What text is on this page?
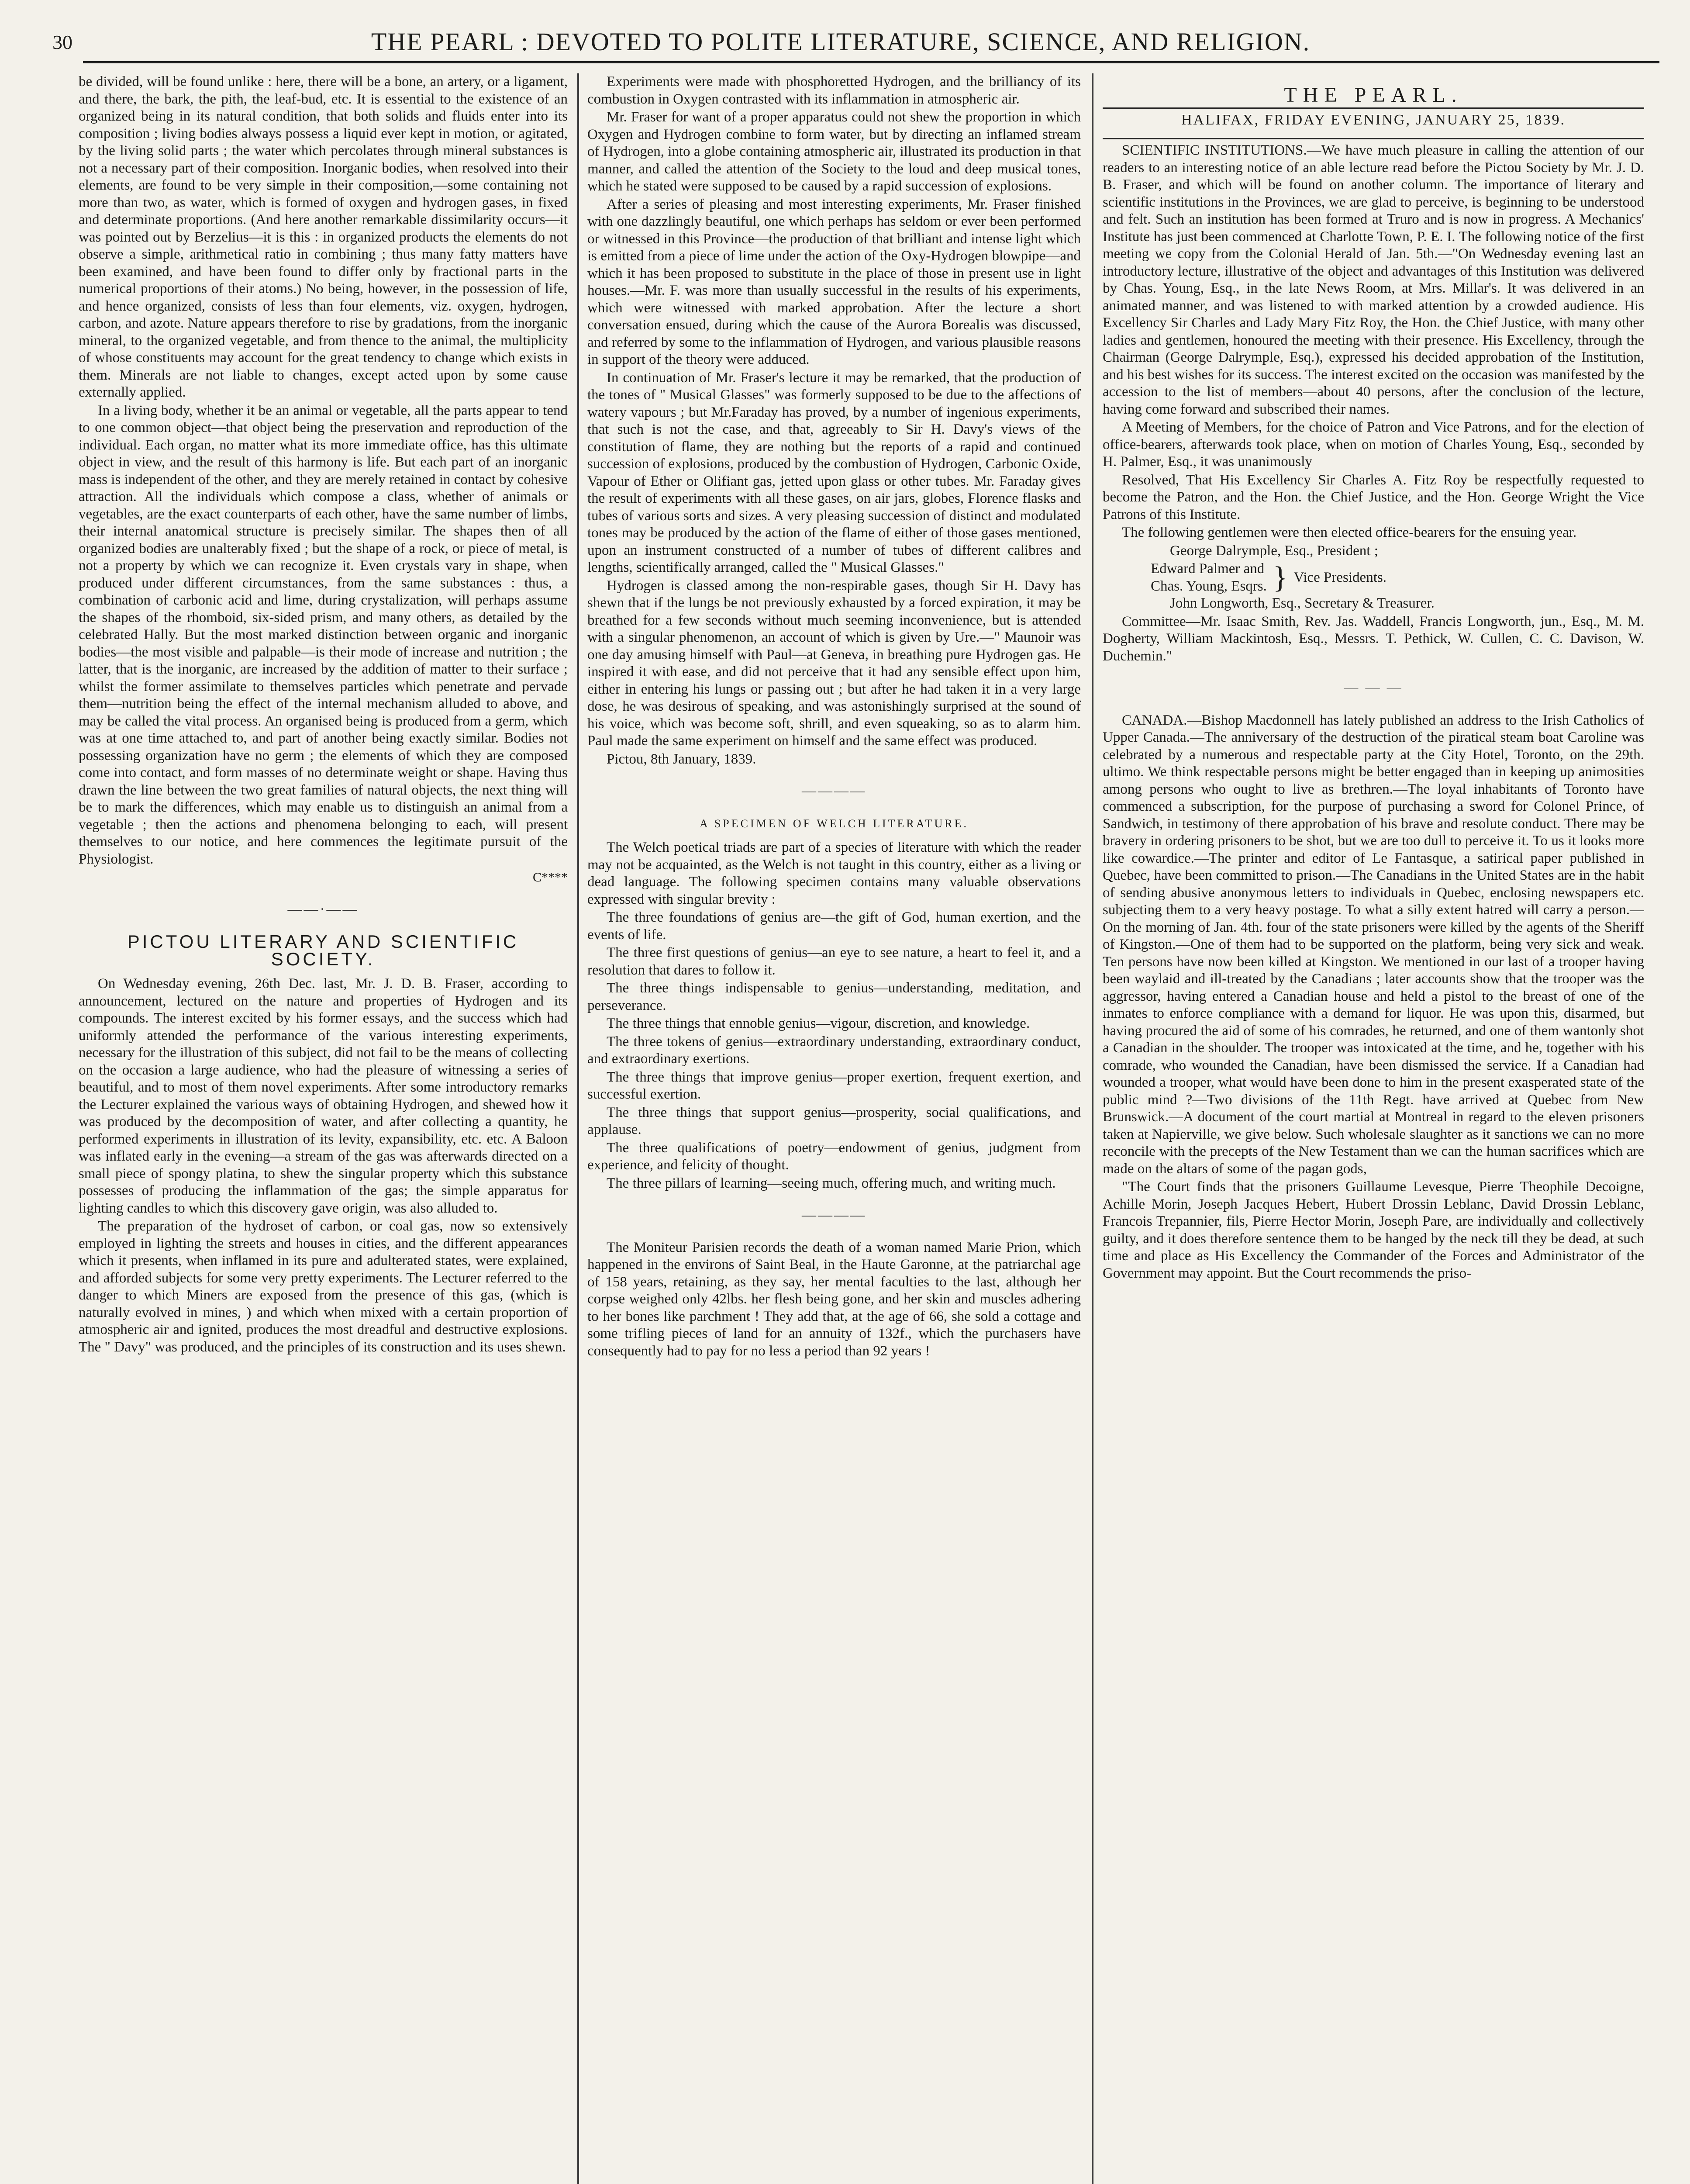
30	THE PEARL : DEVOTED TO POLITE LITERATURE, SCIENCE, AND RELIGION.

be divided, will be found unlike : here, there will be a bone, an artery, or a ligament, and there, the bark, the pith, the leaf-bud, etc. It is essential to the existence of an organized being in its natural condition, that both solids and fluids enter into its composition ; living bodies always possess a liquid ever kept in motion, or agitated, by the living solid parts ; the water which percolates through mineral substances is not a necessary part of their composition. Inorganic bodies, when resolved into their elements, are found to be very simple in their composition,—some containing not more than two, as water, which is formed of oxygen and hydrogen gases, in fixed and determinate proportions. (And here another remarkable dissimilarity occurs—it was pointed out by Berzelius—it is this : in organized products the elements do not observe a simple, arithmetical ratio in combining ; thus many fatty matters have been examined, and have been found to differ only by fractional parts in the numerical proportions of their atoms.) No being, however, in the possession of life, and hence organized, consists of less than four elements, viz. oxygen, hydrogen, carbon, and azote. Nature appears therefore to rise by gradations, from the inorganic mineral, to the organized vegetable, and from thence to the animal, the multiplicity of whose constituents may account for the great tendency to change which exists in them. Minerals are not liable to changes, except acted upon by some cause externally applied.

In a living body, whether it be an animal or vegetable, all the parts appear to tend to one common object—that object being the preservation and reproduction of the individual. Each organ, no matter what its more immediate office, has this ultimate object in view, and the result of this harmony is life. But each part of an inorganic mass is independent of the other, and they are merely retained in contact by cohesive attraction. All the individuals which compose a class, whether of animals or vegetables, are the exact counterparts of each other, have the same number of limbs, their internal anatomical structure is precisely similar. The shapes then of all organized bodies are unalterably fixed ; but the shape of a rock, or piece of metal, is not a property by which we can recognize it. Even crystals vary in shape, when produced under different circumstances, from the same substances : thus, a combination of carbonic acid and lime, during crystalization, will perhaps assume the shapes of the rhomboid, six-sided prism, and many others, as detailed by the celebrated Hally. But the most marked distinction between organic and inorganic bodies—the most visible and palpable—is their mode of increase and nutrition ; the latter, that is the inorganic, are increased by the addition of matter to their surface ; whilst the former assimilate to themselves particles which penetrate and pervade them—nutrition being the effect of the internal mechanism alluded to above, and may be called the vital process. An organised being is produced from a germ, which was at one time attached to, and part of another being exactly similar. Bodies not possessing organization have no germ ; the elements of which they are composed come into contact, and form masses of no determinate weight or shape. Having thus drawn the line between the two great families of natural objects, the next thing will be to mark the differences, which may enable us to distinguish an animal from a vegetable ; then the actions and phenomena belonging to each, will present themselves to our notice, and here commences the legitimate pursuit of the Physiologist.

C****
——·——
PICTOU LITERARY AND SCIENTIFIC SOCIETY.

On Wednesday evening, 26th Dec. last, Mr. J. D. B. Fraser, according to announcement, lectured on the nature and properties of Hydrogen and its compounds. The interest excited by his former essays, and the success which had uniformly attended the performance of the various interesting experiments, necessary for the illustration of this subject, did not fail to be the means of collecting on the occasion a large audience, who had the pleasure of witnessing a series of beautiful, and to most of them novel experiments. After some introductory remarks the Lecturer explained the various ways of obtaining Hydrogen, and shewed how it was produced by the decomposition of water, and after collecting a quantity, he performed experiments in illustration of its levity, expansibility, etc. etc. A Baloon was inflated early in the evening—a stream of the gas was afterwards directed on a small piece of spongy platina, to shew the singular property which this substance possesses of producing the inflammation of the gas; the simple apparatus for lighting candles to which this discovery gave origin, was also alluded to.

The preparation of the hydroset of carbon, or coal gas, now so extensively employed in lighting the streets and houses in cities, and the different appearances which it presents, when inflamed in its pure and adulterated states, were explained, and afforded subjects for some very pretty experiments. The Lecturer referred to the danger to which Miners are exposed from the presence of this gas, (which is naturally evolved in mines, ) and which when mixed with a certain proportion of atmospheric air and ignited, produces the most dreadful and destructive explosions. The " Davy" was produced, and the principles of its construction and its uses shewn.

Experiments were made with phosphoretted Hydrogen, and the brilliancy of its combustion in Oxygen contrasted with its inflammation in atmospheric air.

Mr. Fraser for want of a proper apparatus could not shew the proportion in which Oxygen and Hydrogen combine to form water, but by directing an inflamed stream of Hydrogen, into a globe containing atmospheric air, illustrated its production in that manner, and called the attention of the Society to the loud and deep musical tones, which he stated were supposed to be caused by a rapid succession of explosions.

After a series of pleasing and most interesting experiments, Mr. Fraser finished with one dazzlingly beautiful, one which perhaps has seldom or ever been performed or witnessed in this Province—the production of that brilliant and intense light which is emitted from a piece of lime under the action of the Oxy-Hydrogen blowpipe—and which it has been proposed to substitute in the place of those in present use in light houses.—Mr. F. was more than usually successful in the results of his experiments, which were witnessed with marked approbation. After the lecture a short conversation ensued, during which the cause of the Aurora Borealis was discussed, and referred by some to the inflammation of Hydrogen, and various plausible reasons in support of the theory were adduced.

In continuation of Mr. Fraser's lecture it may be remarked, that the production of the tones of " Musical Glasses" was formerly supposed to be due to the affections of watery vapours ; but Mr.Faraday has proved, by a number of ingenious experiments, that such is not the case, and that, agreeably to Sir H. Davy's views of the constitution of flame, they are nothing but the reports of a rapid and continued succession of explosions, produced by the combustion of Hydrogen, Carbonic Oxide, Vapour of Ether or Olifiant gas, jetted upon glass or other tubes. Mr. Faraday gives the result of experiments with all these gases, on air jars, globes, Florence flasks and tubes of various sorts and sizes. A very pleasing succession of distinct and modulated tones may be produced by the action of the flame of either of those gases mentioned, upon an instrument constructed of a number of tubes of different calibres and lengths, scientifically arranged, called the " Musical Glasses."

Hydrogen is classed among the non-respirable gases, though Sir H. Davy has shewn that if the lungs be not previously exhausted by a forced expiration, it may be breathed for a few seconds without much seeming inconvenience, but is attended with a singular phenomenon, an account of which is given by Ure.—" Maunoir was one day amusing himself with Paul—at Geneva, in breathing pure Hydrogen gas. He inspired it with ease, and did not perceive that it had any sensible effect upon him, either in entering his lungs or passing out ; but after he had taken it in a very large dose, he was desirous of speaking, and was astonishingly surprised at the sound of his voice, which was become soft, shrill, and even squeaking, so as to alarm him. Paul made the same experiment on himself and the same effect was produced.

Pictou, 8th January, 1839.

————
A SPECIMEN OF WELCH LITERATURE.

The Welch poetical triads are part of a species of literature with which the reader may not be acquainted, as the Welch is not taught in this country, either as a living or dead language. The following specimen contains many valuable observations expressed with singular brevity :

The three foundations of genius are—the gift of God, human exertion, and the events of life.

The three first questions of genius—an eye to see nature, a heart to feel it, and a resolution that dares to follow it.

The three things indispensable to genius—understanding, meditation, and perseverance.

The three things that ennoble genius—vigour, discretion, and knowledge.

The three tokens of genius—extraordinary understanding, extraordinary conduct, and extraordinary exertions.

The three things that improve genius—proper exertion, frequent exertion, and successful exertion.

The three things that support genius—prosperity, social qualifications, and applause.

The three qualifications of poetry—endowment of genius, judgment from experience, and felicity of thought.

The three pillars of learning—seeing much, offering much, and writing much.

————

The Moniteur Parisien records the death of a woman named Marie Prion, which happened in the environs of Saint Beal, in the Haute Garonne, at the patriarchal age of 158 years, retaining, as they say, her mental faculties to the last, although her corpse weighed only 42lbs. her flesh being gone, and her skin and muscles adhering to her bones like parchment ! They add that, at the age of 66, she sold a cottage and some trifling pieces of land for an annuity of 132f., which the purchasers have consequently had to pay for no less a period than 92 years !

THE PEARL.
HALIFAX, FRIDAY EVENING, JANUARY 25, 1839.

SCIENTIFIC INSTITUTIONS.—We have much pleasure in calling the attention of our readers to an interesting notice of an able lecture read before the Pictou Society by Mr. J. D. B. Fraser, and which will be found on another column. The importance of literary and scientific institutions in the Provinces, we are glad to perceive, is beginning to be understood and felt. Such an institution has been formed at Truro and is now in progress. A Mechanics' Institute has just been commenced at Charlotte Town, P. E. I. The following notice of the first meeting we copy from the Colonial Herald of Jan. 5th.—"On Wednesday evening last an introductory lecture, illustrative of the object and advantages of this Institution was delivered by Chas. Young, Esq., in the late News Room, at Mrs. Millar's. It was delivered in an animated manner, and was listened to with marked attention by a crowded audience. His Excellency Sir Charles and Lady Mary Fitz Roy, the Hon. the Chief Justice, with many other ladies and gentlemen, honoured the meeting with their presence. His Excellency, through the Chairman (George Dalrymple, Esq.), expressed his decided approbation of the Institution, and his best wishes for its success. The interest excited on the occasion was manifested by the accession to the list of members—about 40 persons, after the conclusion of the lecture, having come forward and subscribed their names.

A Meeting of Members, for the choice of Patron and Vice Patrons, and for the election of office-bearers, afterwards took place, when on motion of Charles Young, Esq., seconded by H. Palmer, Esq., it was unanimously

Resolved, That His Excellency Sir Charles A. Fitz Roy be respectfully requested to become the Patron, and the Hon. the Chief Justice, and the Hon. George Wright the Vice Patrons of this Institute.

The following gentlemen were then elected office-bearers for the ensuing year.

George Dalrymple, Esq., President ;

Edward Palmer and
Chas. Young, Esqrs. } Vice Presidents.

John Longworth, Esq., Secretary & Treasurer.

Committee—Mr. Isaac Smith, Rev. Jas. Waddell, Francis Longworth, jun., Esq., M. M. Dogherty, William Mackintosh, Esq., Messrs. T. Pethick, W. Cullen, C. C. Davison, W. Duchemin."

— — —

CANADA.—Bishop Macdonnell has lately published an address to the Irish Catholics of Upper Canada.—The anniversary of the destruction of the piratical steam boat Caroline was celebrated by a numerous and respectable party at the City Hotel, Toronto, on the 29th. ultimo. We think respectable persons might be better engaged than in keeping up animosities among persons who ought to live as brethren.—The loyal inhabitants of Toronto have commenced a subscription, for the purpose of purchasing a sword for Colonel Prince, of Sandwich, in testimony of there approbation of his brave and resolute conduct. There may be bravery in ordering prisoners to be shot, but we are too dull to perceive it. To us it looks more like cowardice.—The printer and editor of Le Fantasque, a satirical paper published in Quebec, have been committed to prison.—The Canadians in the United States are in the habit of sending abusive anonymous letters to individuals in Quebec, enclosing newspapers etc. subjecting them to a very heavy postage. To what a silly extent hatred will carry a person.—On the morning of Jan. 4th. four of the state prisoners were killed by the agents of the Sheriff of Kingston.—One of them had to be supported on the platform, being very sick and weak. Ten persons have now been killed at Kingston. We mentioned in our last of a trooper having been waylaid and ill-treated by the Canadians ; later accounts show that the trooper was the aggressor, having entered a Canadian house and held a pistol to the breast of one of the inmates to enforce compliance with a demand for liquor. He was upon this, disarmed, but having procured the aid of some of his comrades, he returned, and one of them wantonly shot a Canadian in the shoulder. The trooper was intoxicated at the time, and he, together with his comrade, who wounded the Canadian, have been dismissed the service. If a Canadian had wounded a trooper, what would have been done to him in the present exasperated state of the public mind ?—Two divisions of the 11th Regt. have arrived at Quebec from New Brunswick.—A document of the court martial at Montreal in regard to the eleven prisoners taken at Napierville, we give below. Such wholesale slaughter as it sanctions we can no more reconcile with the precepts of the New Testament than we can the human sacrifices which are made on the altars of some of the pagan gods,

"The Court finds that the prisoners Guillaume Levesque, Pierre Theophile Decoigne, Achille Morin, Joseph Jacques Hebert, Hubert Drossin Leblanc, David Drossin Leblanc, Francois Trepannier, fils, Pierre Hector Morin, Joseph Pare, are individually and collectively guilty, and it does therefore sentence them to be hanged by the neck till they be dead, at such time and place as His Excellency the Commander of the Forces and Administrator of the Government may appoint. But the Court recommends the priso-
